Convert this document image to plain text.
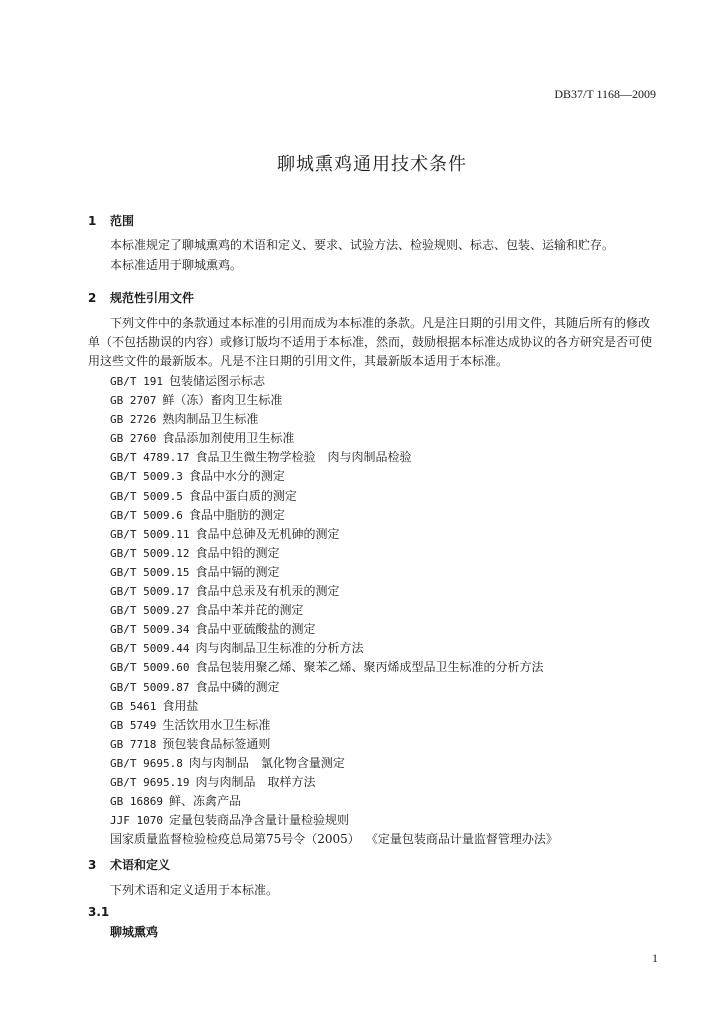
DB37/T 1168—2009
聊城熏鸡通用技术条件
1 范围
本标准规定了聊城熏鸡的术语和定义、要求、试验方法、检验规则、标志、包装、运输和贮存。
本标准适用于聊城熏鸡。
2 规范性引用文件
下列文件中的条款通过本标准的引用而成为本标准的条款。凡是注日期的引用文件，其随后所有的修改单（不包括勘误的内容）或修订版均不适用于本标准，然而，鼓励根据本标准达成协议的各方研究是否可使用这些文件的最新版本。凡是不注日期的引用文件，其最新版本适用于本标准。
GB/T 191 包装储运图示标志
GB 2707 鲜（冻）畜肉卫生标准
GB 2726 熟肉制品卫生标准
GB 2760 食品添加剂使用卫生标准
GB/T 4789.17 食品卫生微生物学检验　肉与肉制品检验
GB/T 5009.3 食品中水分的测定
GB/T 5009.5 食品中蛋白质的测定
GB/T 5009.6 食品中脂肪的测定
GB/T 5009.11 食品中总砷及无机砷的测定
GB/T 5009.12 食品中铅的测定
GB/T 5009.15 食品中镉的测定
GB/T 5009.17 食品中总汞及有机汞的测定
GB/T 5009.27 食品中苯并芘的测定
GB/T 5009.34 食品中亚硫酸盐的测定
GB/T 5009.44 肉与肉制品卫生标准的分析方法
GB/T 5009.60 食品包装用聚乙烯、聚苯乙烯、聚丙烯成型品卫生标准的分析方法
GB/T 5009.87 食品中磷的测定
GB 5461 食用盐
GB 5749 生活饮用水卫生标准
GB 7718 预包装食品标签通则
GB/T 9695.8 肉与肉制品　氯化物含量测定
GB/T 9695.19 肉与肉制品　取样方法
GB 16869 鲜、冻禽产品
JJF 1070 定量包装商品净含量计量检验规则
国家质量监督检验检疫总局第75号令（2005） 《定量包装商品计量监督管理办法》
3 术语和定义
下列术语和定义适用于本标准。
3.1
聊城熏鸡
1
